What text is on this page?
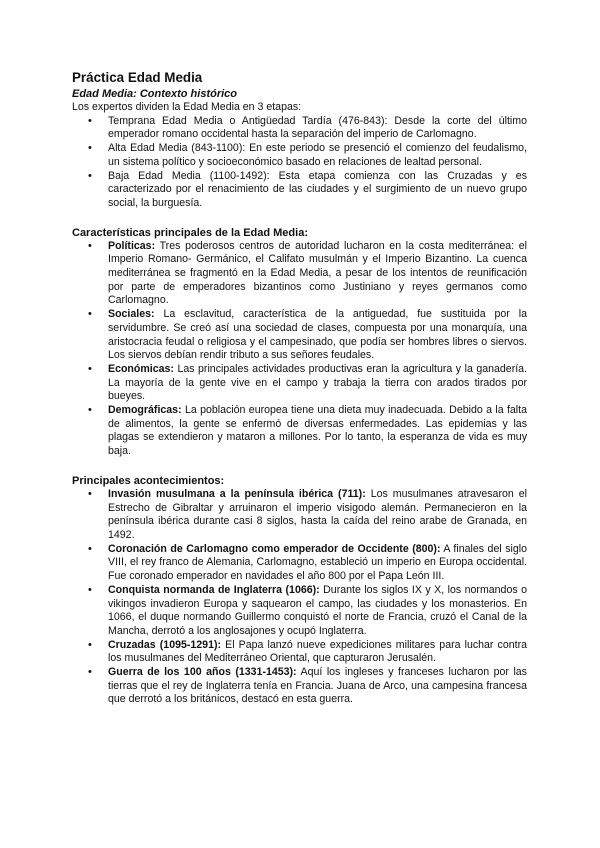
Práctica Edad Media
Edad Media: Contexto histórico
Los expertos dividen la Edad Media en 3 etapas:
• Temprana Edad Media o Antigüedad Tardía (476-843): Desde la corte del último emperador romano occidental hasta la separación del imperio de Carlomagno.
• Alta Edad Media (843-1100): En este periodo se presenció el comienzo del feudalismo, un sistema político y socioeconómico basado en relaciones de lealtad personal.
• Baja Edad Media (1100-1492): Esta etapa comienza con las Cruzadas y es caracterizado por el renacimiento de las ciudades y el surgimiento de un nuevo grupo social, la burguesía.
Características principales de la Edad Media:
• Políticas: Tres poderosos centros de autoridad lucharon en la costa mediterránea: el Imperio Romano- Germánico, el Califato musulmán y el Imperio Bizantino. La cuenca mediterránea se fragmentó en la Edad Media, a pesar de los intentos de reunificación por parte de emperadores bizantinos como Justiniano y reyes germanos como Carlomagno.
• Sociales: La esclavitud, característica de la antiguedad, fue sustituida por la servidumbre. Se creó así una sociedad de clases, compuesta por una monarquía, una aristocracia feudal o religiosa y el campesinado, que podía ser hombres libres o siervos. Los siervos debían rendir tributo a sus señores feudales.
• Económicas: Las principales actividades productivas eran la agricultura y la ganadería. La mayoría de la gente vive en el campo y trabaja la tierra con arados tirados por bueyes.
• Demográficas: La población europea tiene una dieta muy inadecuada. Debido a la falta de alimentos, la gente se enfermó de diversas enfermedades. Las epidemias y las plagas se extendieron y mataron a millones. Por lo tanto, la esperanza de vida es muy baja.
Principales acontecimientos:
• Invasión musulmana a la península ibérica (711): Los musulmanes atravesaron el Estrecho de Gibraltar y arruinaron el imperio visigodo alemán. Permanecieron en la península ibérica durante casi 8 siglos, hasta la caída del reino arabe de Granada, en 1492.
• Coronación de Carlomagno como emperador de Occidente (800): A finales del siglo VIII, el rey franco de Alemania, Carlomagno, estableció un imperio en Europa occidental. Fue coronado emperador en navidades el año 800 por el Papa León III.
• Conquista normanda de Inglaterra (1066): Durante los siglos IX y X, los normandos o vikingos invadieron Europa y saquearon el campo, las ciudades y los monasterios. En 1066, el duque normando Guillermo conquistó el norte de Francia, cruzó el Canal de la Mancha, derrotó a los anglosajones y ocupó Inglaterra.
• Cruzadas (1095-1291): El Papa lanzó nueve expediciones militares para luchar contra los musulmanes del Mediterráneo Oriental, que capturaron Jerusalén.
• Guerra de los 100 años (1331-1453): Aquí los ingleses y franceses lucharon por las tierras que el rey de Inglaterra tenía en Francia. Juana de Arco, una campesina francesa que derrotó a los británicos, destacó en esta guerra.
